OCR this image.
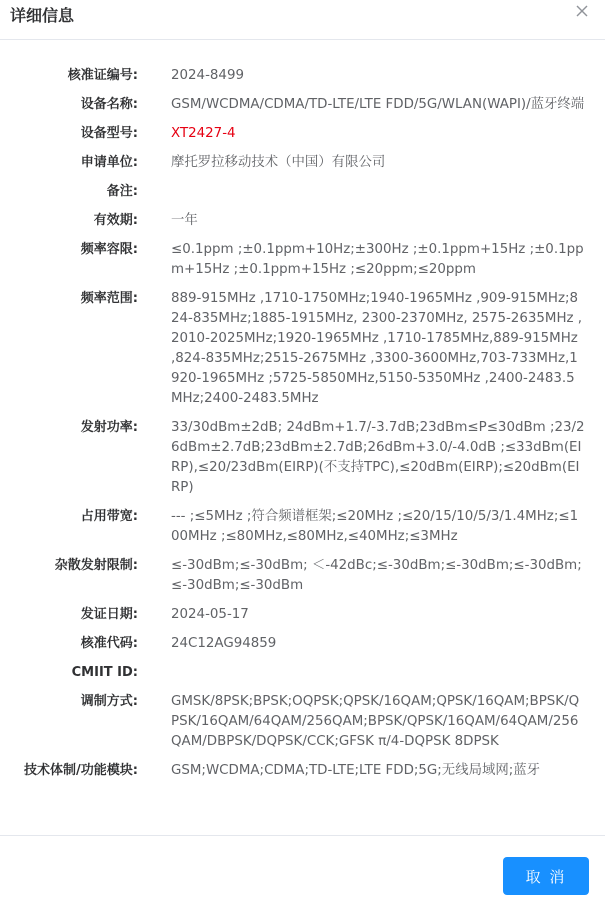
详细信息
核准证编号: 2024-8499
设备名称: GSM/WCDMA/CDMA/TD-LTE/LTE FDD/5G/WLAN(WAPI)/蓝牙终端
设备型号: XT2427-4
申请单位: 摩托罗拉移动技术（中国）有限公司
备注:
有效期: 一年
频率容限: ≤0.1ppm ;±0.1ppm+10Hz;±300Hz ;±0.1ppm+15Hz ;±0.1ppm+15Hz ;±0.1ppm+15Hz ;≤20ppm;≤20ppm
频率范围: 889-915MHz ,1710-1750MHz;1940-1965MHz ,909-915MHz;824-835MHz;1885-1915MHz, 2300-2370MHz, 2575-2635MHz ,2010-2025MHz;1920-1965MHz ,1710-1785MHz,889-915MHz ,824-835MHz;2515-2675MHz ,3300-3600MHz,703-733MHz,1920-1965MHz ;5725-5850MHz,5150-5350MHz ,2400-2483.5MHz;2400-2483.5MHz
发射功率: 33/30dBm±2dB; 24dBm+1.7/-3.7dB;23dBm≤P≤30dBm ;23/26dBm±2.7dB;23dBm±2.7dB;26dBm+3.0/-4.0dB ;≤33dBm(EIRP),≤20/23dBm(EIRP)(不支持TPC),≤20dBm(EIRP);≤20dBm(EIRP)
占用带宽: --- ;≤5MHz ;符合频谱框架;≤20MHz ;≤20/15/10/5/3/1.4MHz;≤100MHz ;≤80MHz,≤80MHz,≤40MHz;≤3MHz
杂散发射限制: ≤-30dBm;≤-30dBm; ＜-42dBc;≤-30dBm;≤-30dBm;≤-30dBm;≤-30dBm;≤-30dBm
发证日期: 2024-05-17
核准代码: 24C12AG94859
CMIIT ID:
调制方式: GMSK/8PSK;BPSK;OQPSK;QPSK/16QAM;QPSK/16QAM;BPSK/QPSK/16QAM/64QAM/256QAM;BPSK/QPSK/16QAM/64QAM/256QAM/DBPSK/DQPSK/CCK;GFSK π/4-DQPSK 8DPSK
技术体制/功能模块: GSM;WCDMA;CDMA;TD-LTE;LTE FDD;5G;无线局域网;蓝牙
取 消
